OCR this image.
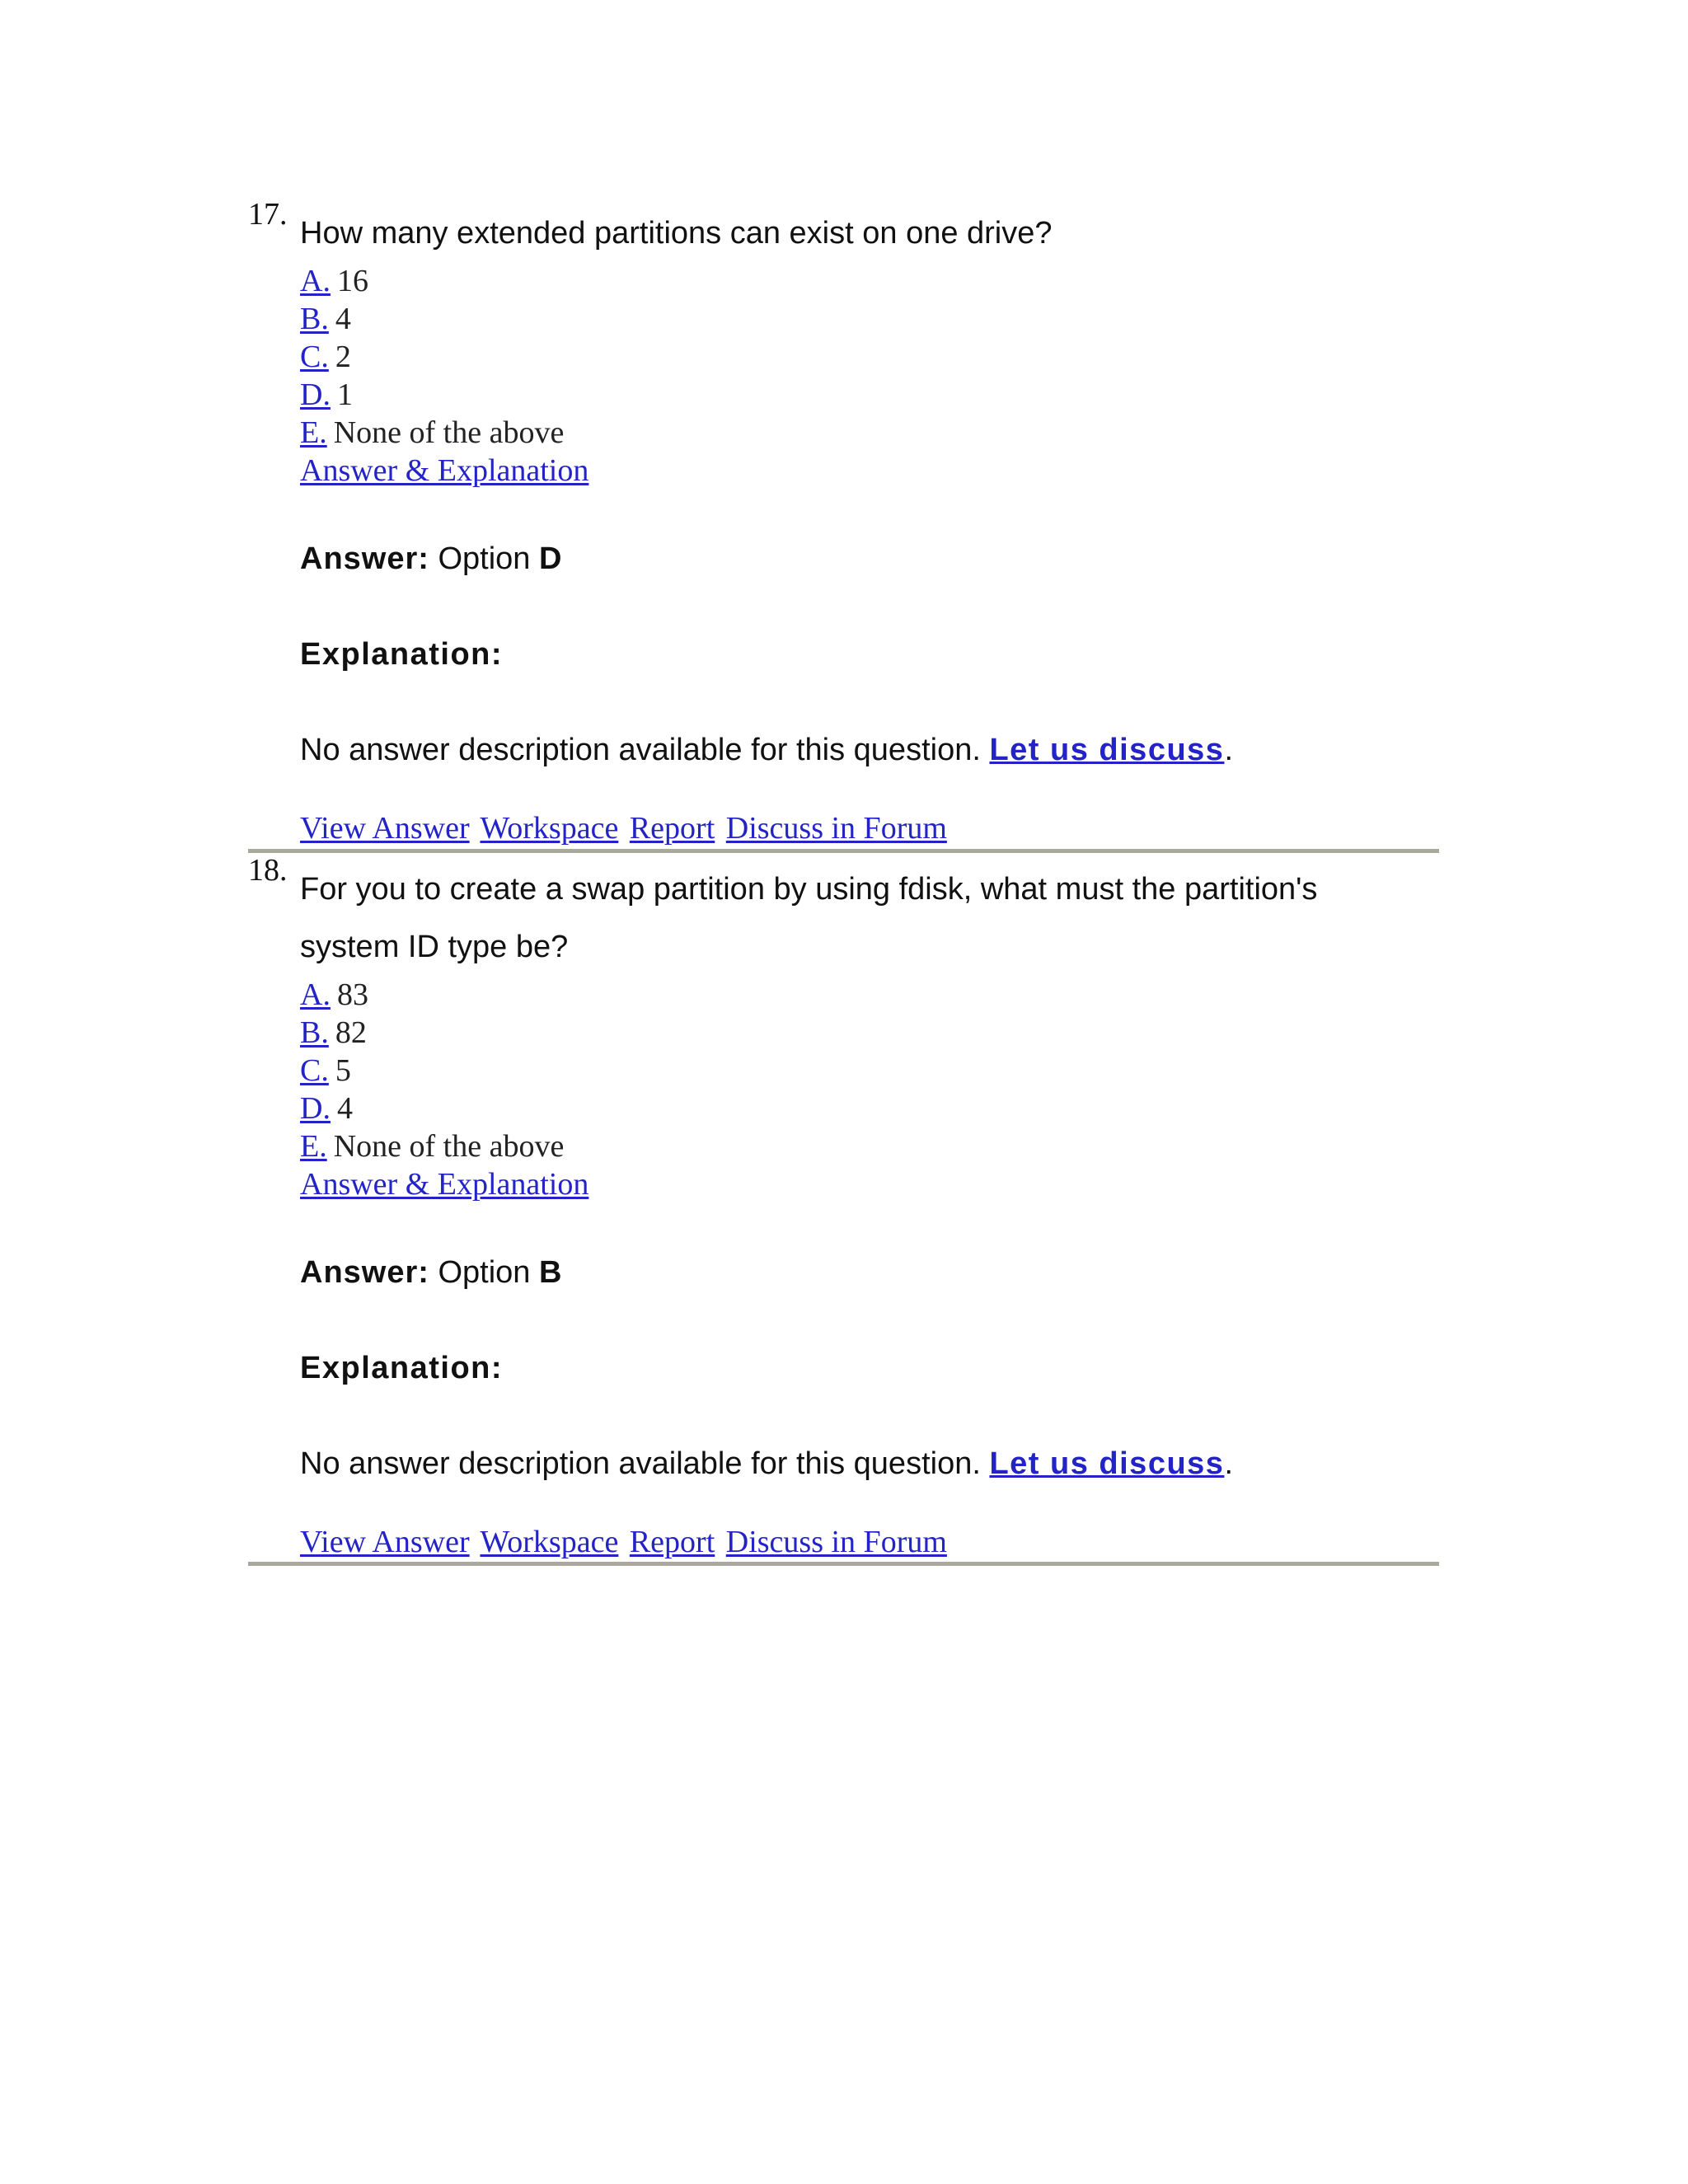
17.

How many extended partitions can exist on one drive?

A. 16
B. 4
C. 2
D. 1
E. None of the above
Answer & Explanation
Answer: Option D
Explanation:
No answer description available for this question. Let us discuss.
View Answer Workspace Report Discuss in Forum
18.

For you to create a swap partition by using fdisk, what must the partition's
system ID type be?

A. 83
B. 82
C. 5
D. 4
E. None of the above
Answer & Explanation
Answer: Option B
Explanation:
No answer description available for this question. Let us discuss.
View Answer Workspace Report Discuss in Forum
